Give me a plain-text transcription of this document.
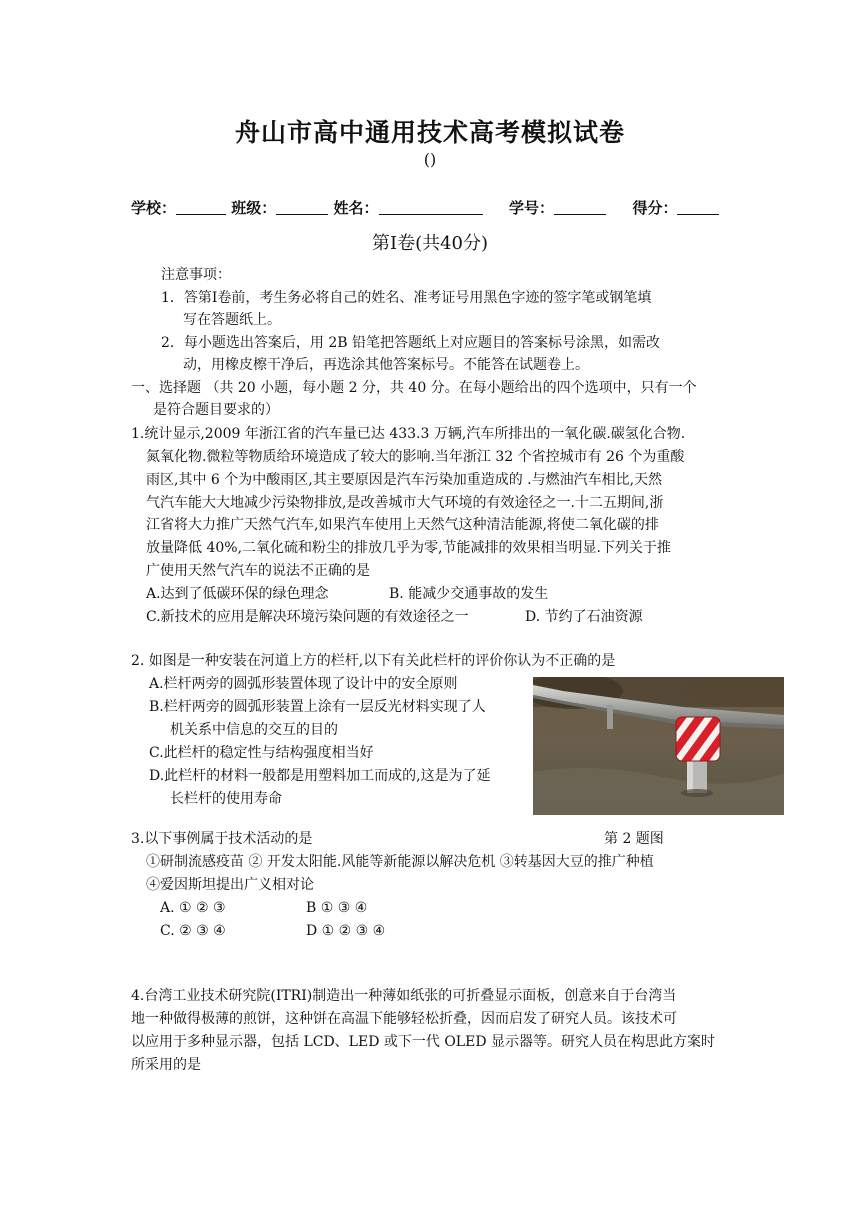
舟山市高中通用技术高考模拟试卷
()
学校：	班级：	姓名：	学号：	得分：
第Ⅰ卷(共40分)
注意事项：
1．答第Ⅰ卷前，考生务必将自己的姓名、准考证号用黑色字迹的签字笔或钢笔填
写在答题纸上。
2．每小题选出答案后，用 2B 铅笔把答题纸上对应题目的答案标号涂黑，如需改
动，用橡皮檫干净后，再选涂其他答案标号。不能答在试题卷上。
一、选择题 （共 20 小题，每小题 2 分，共 40 分。在每小题给出的四个选项中，只有一个
是符合题目要求的）
1.统计显示,2009 年浙江省的汽车量已达 433.3 万辆,汽车所排出的一氧化碳.碳氢化合物.
氮氧化物.微粒等物质给环境造成了较大的影响.当年浙江 32 个省控城市有 26 个为重酸
雨区,其中 6 个为中酸雨区,其主要原因是汽车污染加重造成的 .与燃油汽车相比,天然
气汽车能大大地减少污染物排放,是改善城市大气环境的有效途径之一.十二五期间,浙
江省将大力推广天然气汽车,如果汽车使用上天然气这种清洁能源,将使二氧化碳的排
放量降低 40%,二氧化硫和粉尘的排放几乎为零,节能减排的效果相当明显.下列关于推
广使用天然气汽车的说法不正确的是
A.达到了低碳环保的绿色理念	B. 能减少交通事故的发生
C.新技术的应用是解决环境污染问题的有效途径之一	D. 节约了石油资源
2. 如图是一种安装在河道上方的栏杆,以下有关此栏杆的评价你认为不正确的是
A.栏杆两旁的圆弧形装置体现了设计中的安全原则
B.栏杆两旁的圆弧形装置上涂有一层反光材料实现了人
机关系中信息的交互的目的
C.此栏杆的稳定性与结构强度相当好
D.此栏杆的材料一般都是用塑料加工而成的,这是为了延
长栏杆的使用寿命
3.以下事例属于技术活动的是	第 2 题图
①研制流感疫苗 ② 开发太阳能.风能等新能源以解决危机 ③转基因大豆的推广种植
④爱因斯坦提出广义相对论
A. ① ② ③	B ① ③ ④
C. ② ③ ④	D ① ② ③ ④
4.台湾工业技术研究院(ITRI)制造出一种薄如纸张的可折叠显示面板，创意来自于台湾当
地一种做得极薄的煎饼，这种饼在高温下能够轻松折叠，因而启发了研究人员。该技术可
以应用于多种显示器，包括 LCD、LED 或下一代 OLED 显示器等。研究人员在构思此方案时
所采用的是
